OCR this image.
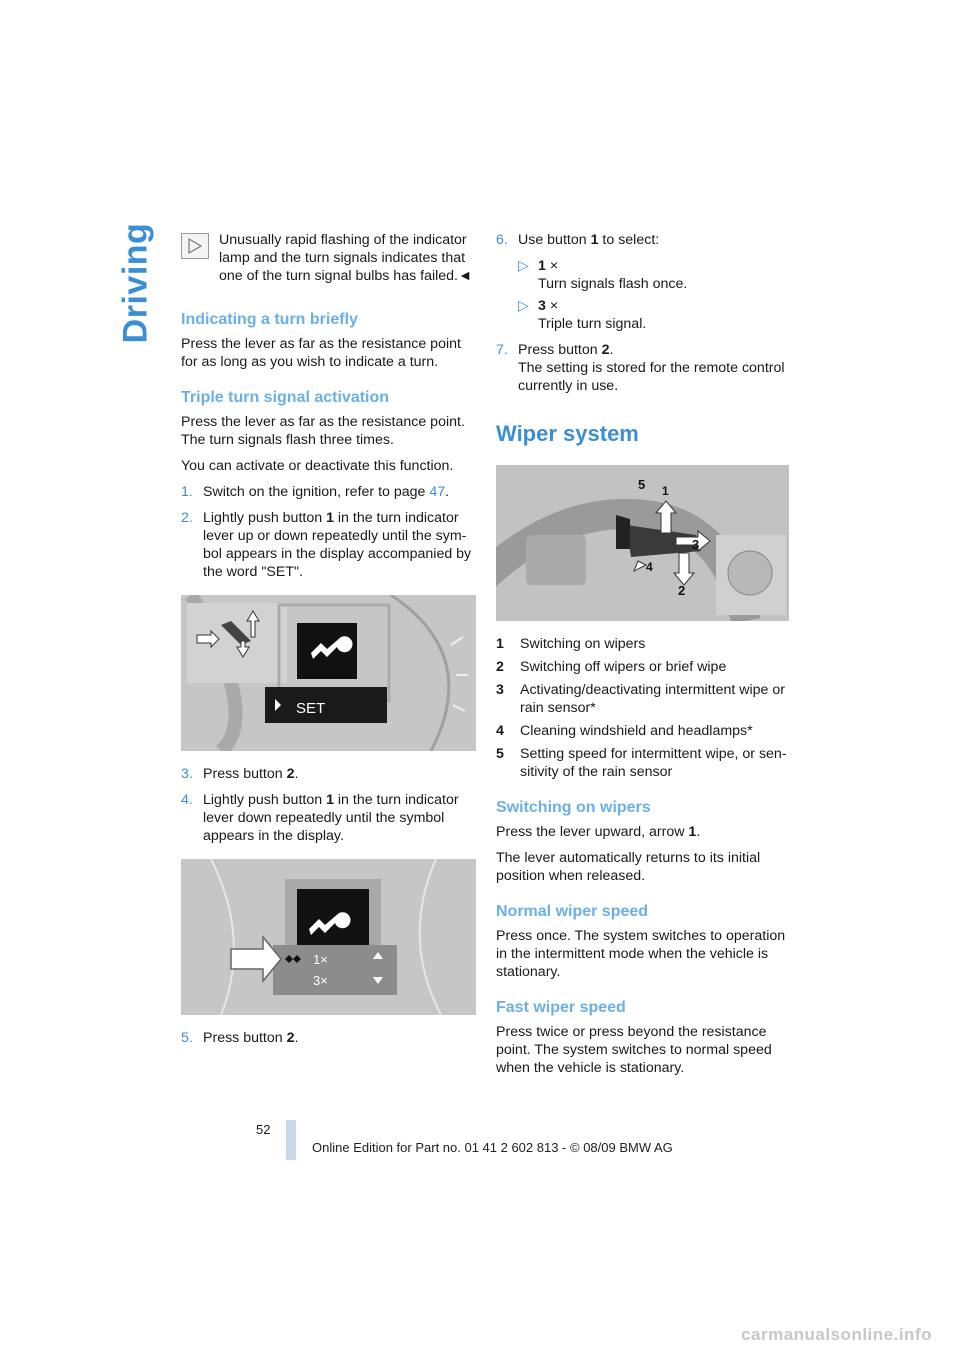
Driving	Unusually rapid flashing of the indicator lamp and the turn signals indicates that one of the turn signal bulbs has failed.◄
Indicating a turn briefly

Press the lever as far as the resistance point for as long as you wish to indicate a turn.

Triple turn signal activation

Press the lever as far as the resistance point. The turn signals flash three times.

You can activate or deactivate this function.

1. Switch on the ignition, refer to page 47.
2. Lightly push button 1 in the turn indicator lever up or down repeatedly until the symbol appears in the display accompanied by the word "SET".
SET
3. Press button 2.
4. Lightly push button 1 in the turn indicator lever down repeatedly until the symbol appears in the display.
1×
3×
5. Press button 2.
6. Use button 1 to select:
▷ 1 ×
Turn signals flash once.
▷ 3 ×
Triple turn signal.
7. Press button 2.
The setting is stored for the remote control currently in use.
Wiper system
5 1
3
4
2
1	Switching on wipers
2	Switching off wipers or brief wipe
3	Activating/deactivating intermittent wipe or rain sensor*
4	Cleaning windshield and headlamps*
5	Setting speed for intermittent wipe, or sensitivity of the rain sensor
Switching on wipers

Press the lever upward, arrow 1.

The lever automatically returns to its initial position when released.

Normal wiper speed

Press once. The system switches to operation in the intermittent mode when the vehicle is stationary.

Fast wiper speed

Press twice or press beyond the resistance point. The system switches to normal speed when the vehicle is stationary.

52
Online Edition for Part no. 01 41 2 602 813 - © 08/09 BMW AG
carmanualsonline.info
